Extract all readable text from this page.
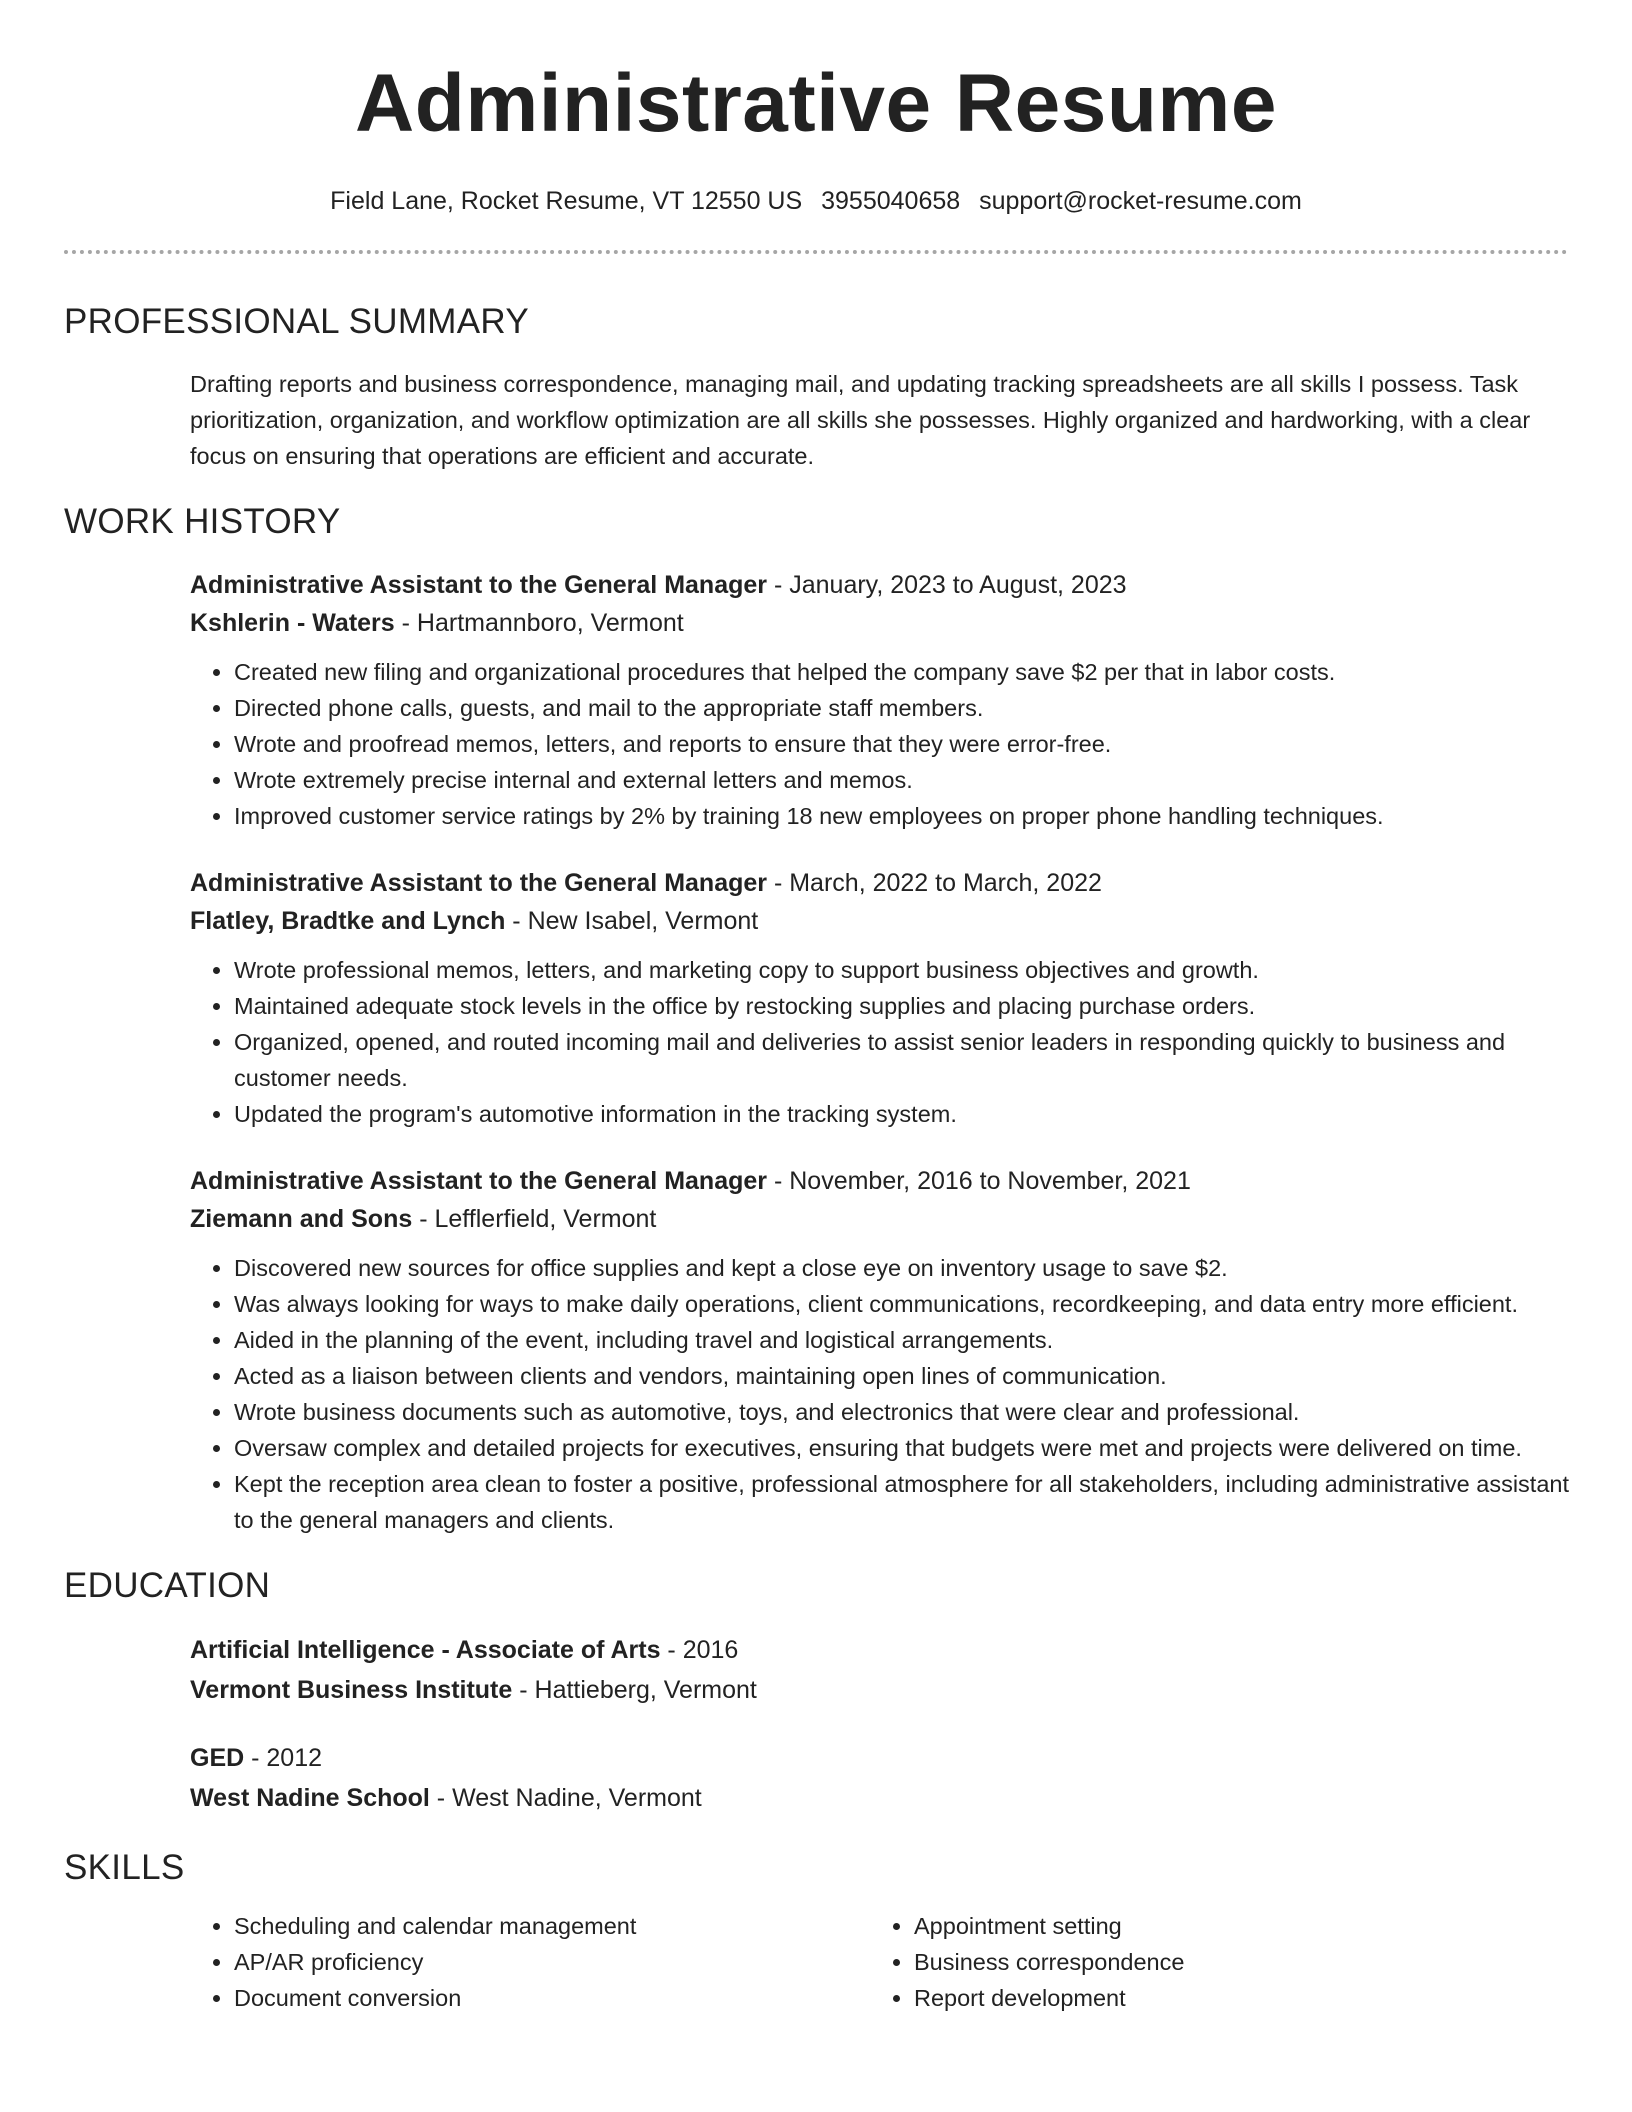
Administrative Resume
Field Lane, Rocket Resume, VT 12550 US 3955040658 support@rocket-resume.com
PROFESSIONAL SUMMARY
Drafting reports and business correspondence, managing mail, and updating tracking spreadsheets are all skills I possess. Task prioritization, organization, and workflow optimization are all skills she possesses. Highly organized and hardworking, with a clear focus on ensuring that operations are efficient and accurate.
WORK HISTORY
Administrative Assistant to the General Manager - January, 2023 to August, 2023
Kshlerin - Waters - Hartmannboro, Vermont
• Created new filing and organizational procedures that helped the company save $2 per that in labor costs.
• Directed phone calls, guests, and mail to the appropriate staff members.
• Wrote and proofread memos, letters, and reports to ensure that they were error-free.
• Wrote extremely precise internal and external letters and memos.
• Improved customer service ratings by 2% by training 18 new employees on proper phone handling techniques.
Administrative Assistant to the General Manager - March, 2022 to March, 2022
Flatley, Bradtke and Lynch - New Isabel, Vermont
• Wrote professional memos, letters, and marketing copy to support business objectives and growth.
• Maintained adequate stock levels in the office by restocking supplies and placing purchase orders.
• Organized, opened, and routed incoming mail and deliveries to assist senior leaders in responding quickly to business and customer needs.
• Updated the program's automotive information in the tracking system.
Administrative Assistant to the General Manager - November, 2016 to November, 2021
Ziemann and Sons - Lefflerfield, Vermont
• Discovered new sources for office supplies and kept a close eye on inventory usage to save $2.
• Was always looking for ways to make daily operations, client communications, recordkeeping, and data entry more efficient.
• Aided in the planning of the event, including travel and logistical arrangements.
• Acted as a liaison between clients and vendors, maintaining open lines of communication.
• Wrote business documents such as automotive, toys, and electronics that were clear and professional.
• Oversaw complex and detailed projects for executives, ensuring that budgets were met and projects were delivered on time.
• Kept the reception area clean to foster a positive, professional atmosphere for all stakeholders, including administrative assistant to the general managers and clients.
EDUCATION
Artificial Intelligence - Associate of Arts - 2016
Vermont Business Institute - Hattieberg, Vermont
GED - 2012
West Nadine School - West Nadine, Vermont
SKILLS
• Scheduling and calendar management
• AP/AR proficiency
• Document conversion
• Appointment setting
• Business correspondence
• Report development
